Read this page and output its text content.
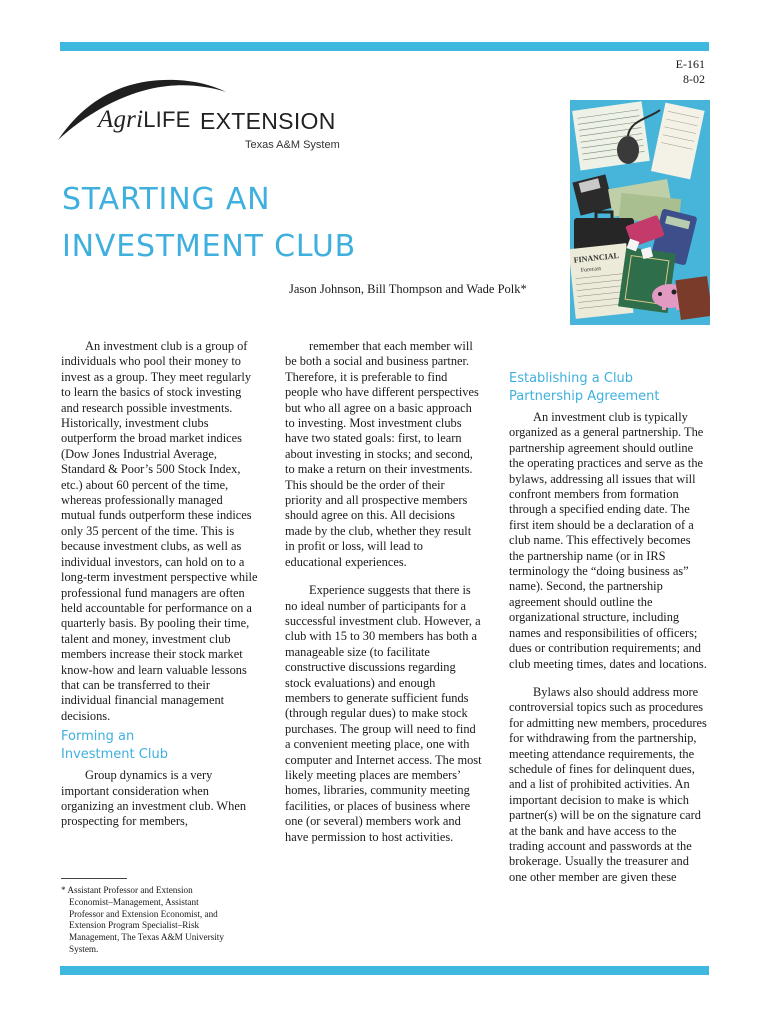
E-161
8-02
AgriLIFE EXTENSION
Texas A&M System
STARTING AN
INVESTMENT CLUB
Jason Johnson, Bill Thompson and Wade Polk*
FINANCIAL
Forecast

An investment club is a group of individuals who pool their money to invest as a group. They meet regularly to learn the basics of stock investing and research possible investments. Historically, investment clubs outperform the broad market indices (Dow Jones Industrial Average, Standard & Poor’s 500 Stock Index, etc.) about 60 percent of the time, whereas professionally managed mutual funds outperform these indices only 35 percent of the time. This is because investment clubs, as well as individual investors, can hold on to a long-term investment perspective while professional fund managers are often held accountable for performance on a quarterly basis. By pooling their time, talent and money, investment club members increase their stock market know-how and learn valuable lessons that can be transferred to their individual financial management decisions.

Forming an
Investment Club

Group dynamics is a very important consideration when organizing an investment club. When prospecting for members,

remember that each member will be both a social and business partner. Therefore, it is preferable to find people who have different perspectives but who all agree on a basic approach to investing. Most investment clubs have two stated goals: first, to learn about investing in stocks; and second, to make a return on their investments. This should be the order of their priority and all prospective members should agree on this. All decisions made by the club, whether they result in profit or loss, will lead to educational experiences.

Experience suggests that there is no ideal number of participants for a successful investment club. However, a club with 15 to 30 members has both a manageable size (to facilitate constructive discussions regarding stock evaluations) and enough members to generate sufficient funds (through regular dues) to make stock purchases. The group will need to find a convenient meeting place, one with computer and Internet access. The most likely meeting places are members’ homes, libraries, community meeting facilities, or places of business where one (or several) members work and have permission to host activities.

Establishing a Club
Partnership Agreement

An investment club is typically organized as a general partnership. The partnership agreement should outline the operating practices and serve as the bylaws, addressing all issues that will confront members from formation through a specified ending date. The first item should be a declaration of a club name. This effectively becomes the partnership name (or in IRS terminology the “doing business as” name). Second, the partnership agreement should outline the organizational structure, including names and responsibilities of officers; dues or contribution requirements; and club meeting times, dates and locations.

Bylaws also should address more controversial topics such as procedures for admitting new members, procedures for withdrawing from the partnership, meeting attendance requirements, the schedule of fines for delinquent dues, and a list of prohibited activities. An important decision to make is which partner(s) will be on the signature card at the bank and have access to the trading account and passwords at the brokerage. Usually the treasurer and one other member are given these

* Assistant Professor and Extension
Economist–Management, Assistant
Professor and Extension Economist, and
Extension Program Specialist–Risk
Management, The Texas A&M University
System.
